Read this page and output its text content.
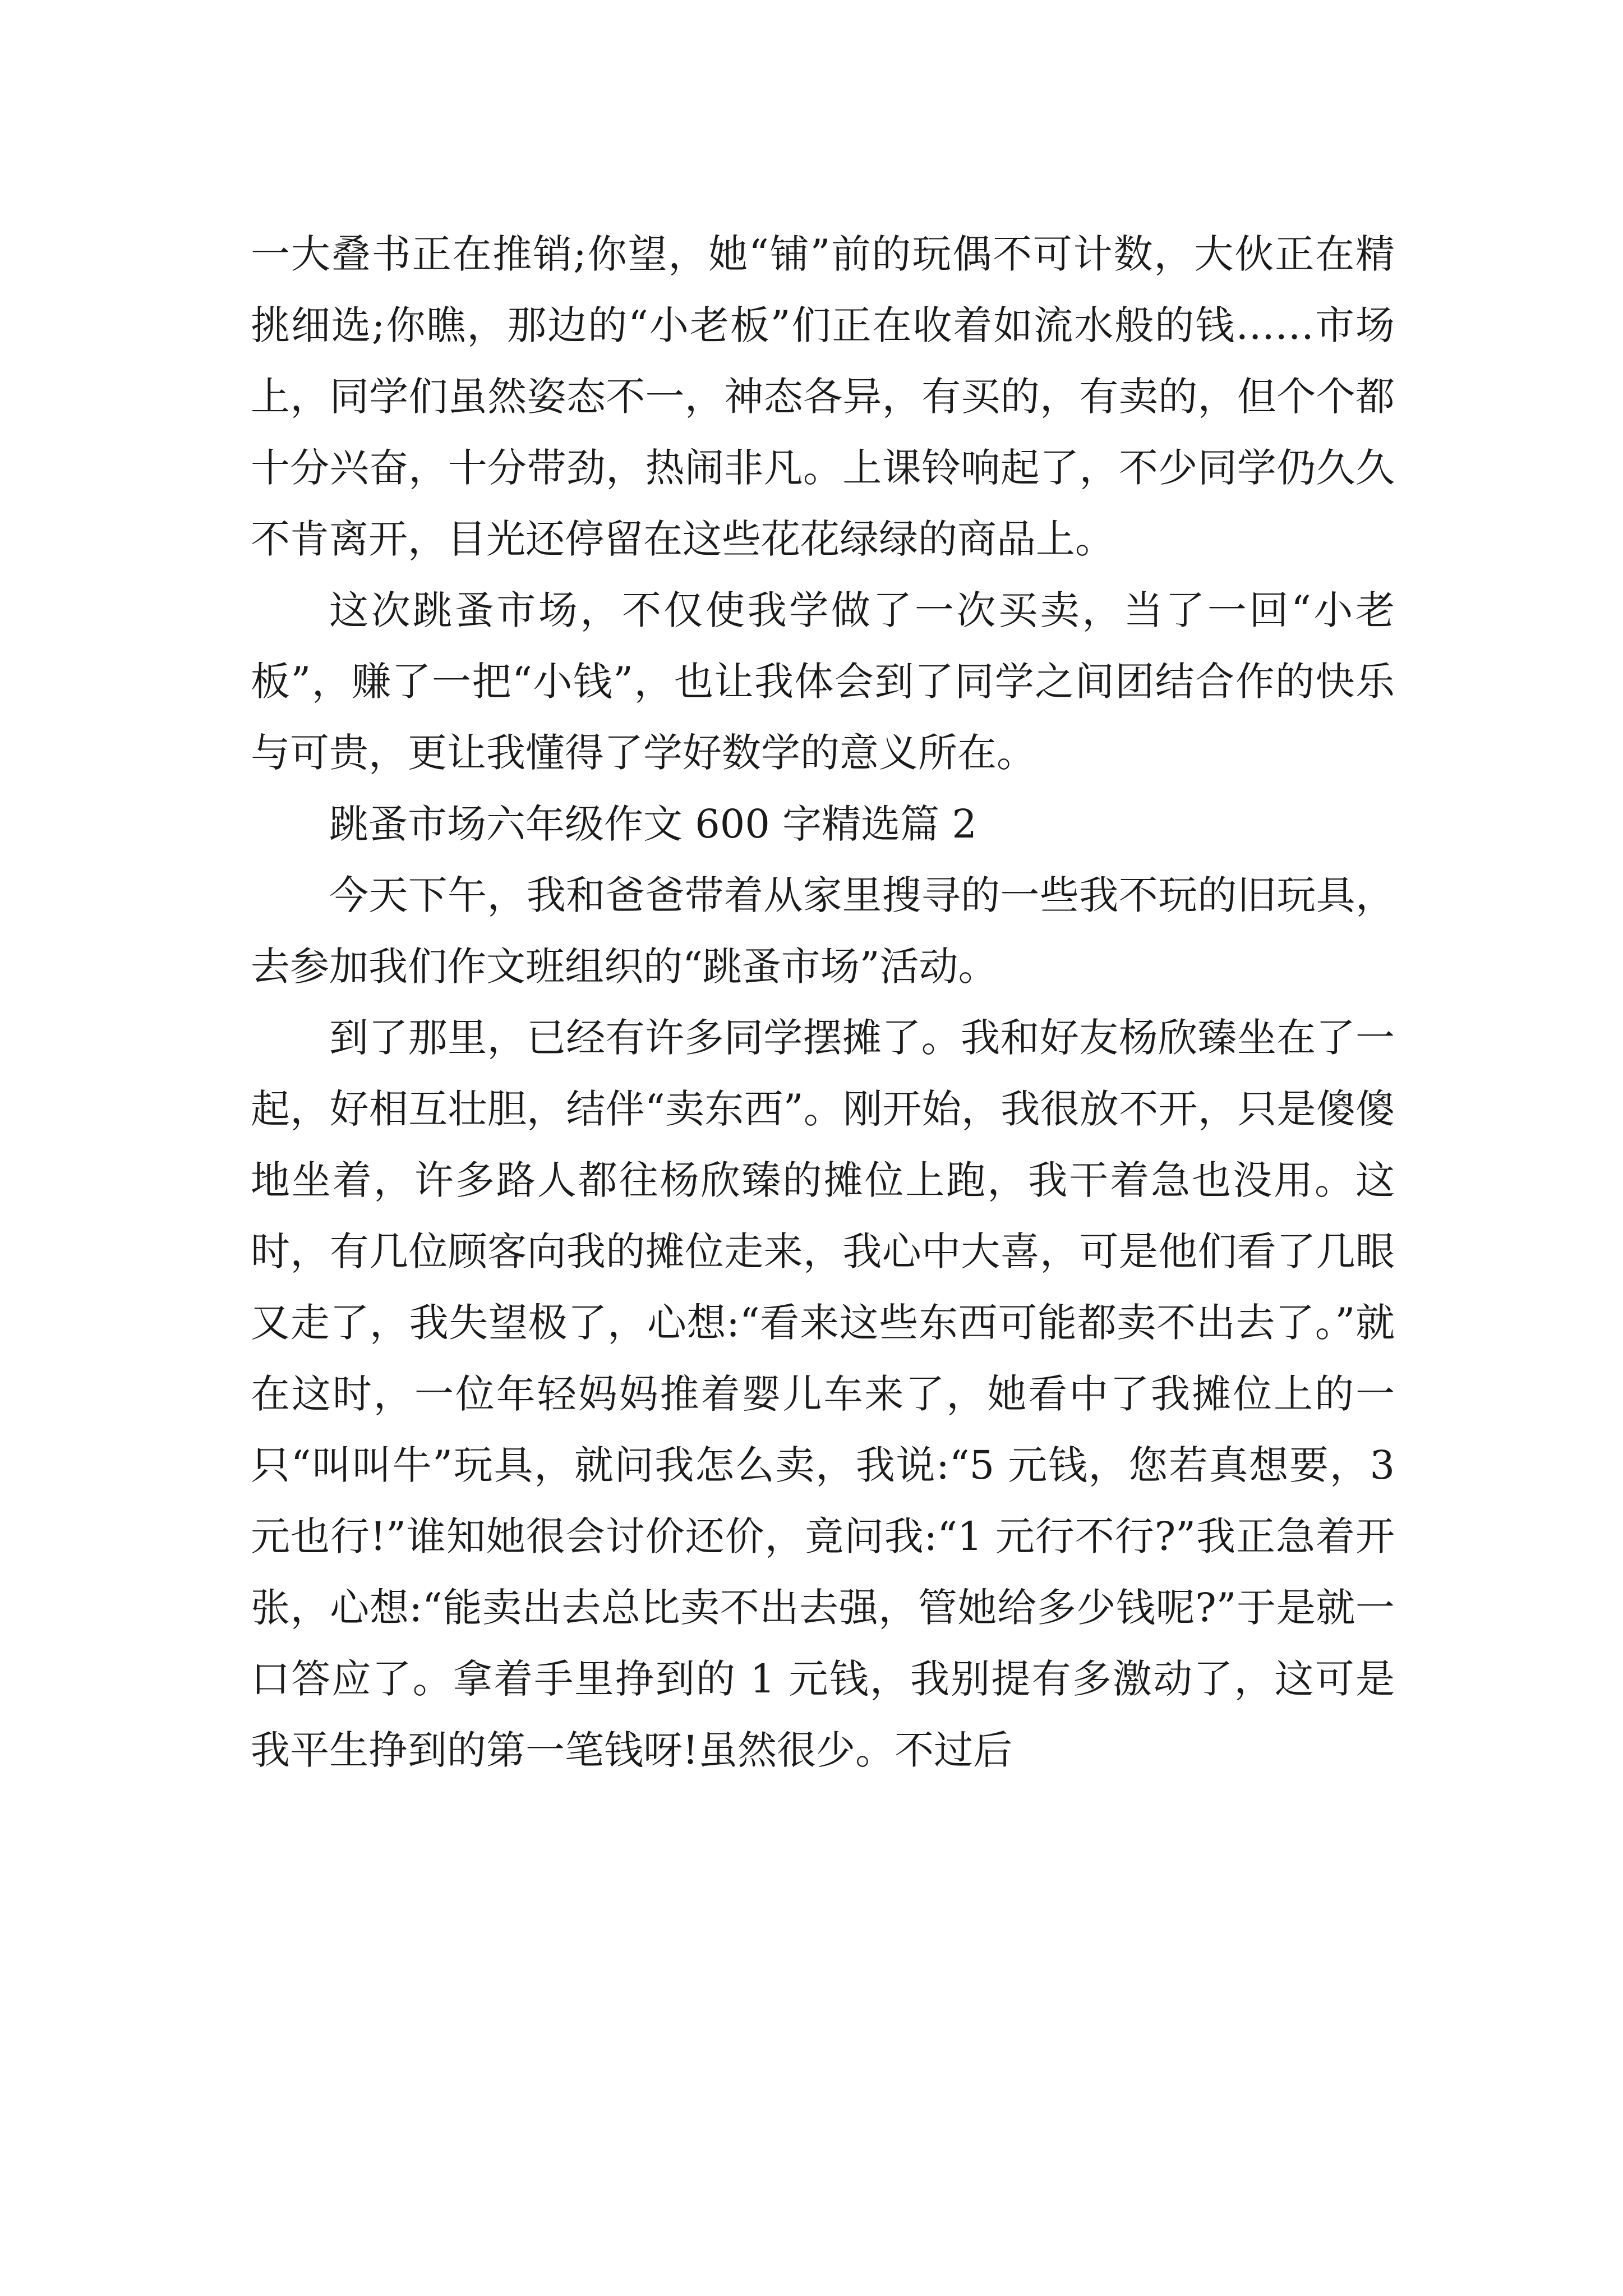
一大叠书正在推销;你望，她“铺”前的玩偶不可计数，大伙正在精挑细选;你瞧，那边的“小老板”们正在收着如流水般的钱……市场上，同学们虽然姿态不一，神态各异，有买的，有卖的，但个个都十分兴奋，十分带劲，热闹非凡。上课铃响起了，不少同学仍久久不肯离开，目光还停留在这些花花绿绿的商品上。

这次跳蚤市场，不仅使我学做了一次买卖，当了一回“小老板”，赚了一把“小钱”，也让我体会到了同学之间团结合作的快乐与可贵，更让我懂得了学好数学的意义所在。

跳蚤市场六年级作文 600 字精选篇 2

今天下午，我和爸爸带着从家里搜寻的一些我不玩的旧玩具，去参加我们作文班组织的“跳蚤市场”活动。

到了那里，已经有许多同学摆摊了。我和好友杨欣臻坐在了一起，好相互壮胆，结伴“卖东西”。刚开始，我很放不开，只是傻傻地坐着，许多路人都往杨欣臻的摊位上跑，我干着急也没用。这时，有几位顾客向我的摊位走来，我心中大喜，可是他们看了几眼又走了，我失望极了，心想:“看来这些东西可能都卖不出去了。”就在这时，一位年轻妈妈推着婴儿车来了，她看中了我摊位上的一只“叫叫牛”玩具，就问我怎么卖，我说:“5 元钱，您若真想要，3 元也行!”谁知她很会讨价还价，竟问我:“1 元行不行?”我正急着开张，心想:“能卖出去总比卖不出去强，管她给多少钱呢?”于是就一口答应了。拿着手里挣到的 1 元钱，我别提有多激动了，这可是我平生挣到的第一笔钱呀!虽然很少。不过后
